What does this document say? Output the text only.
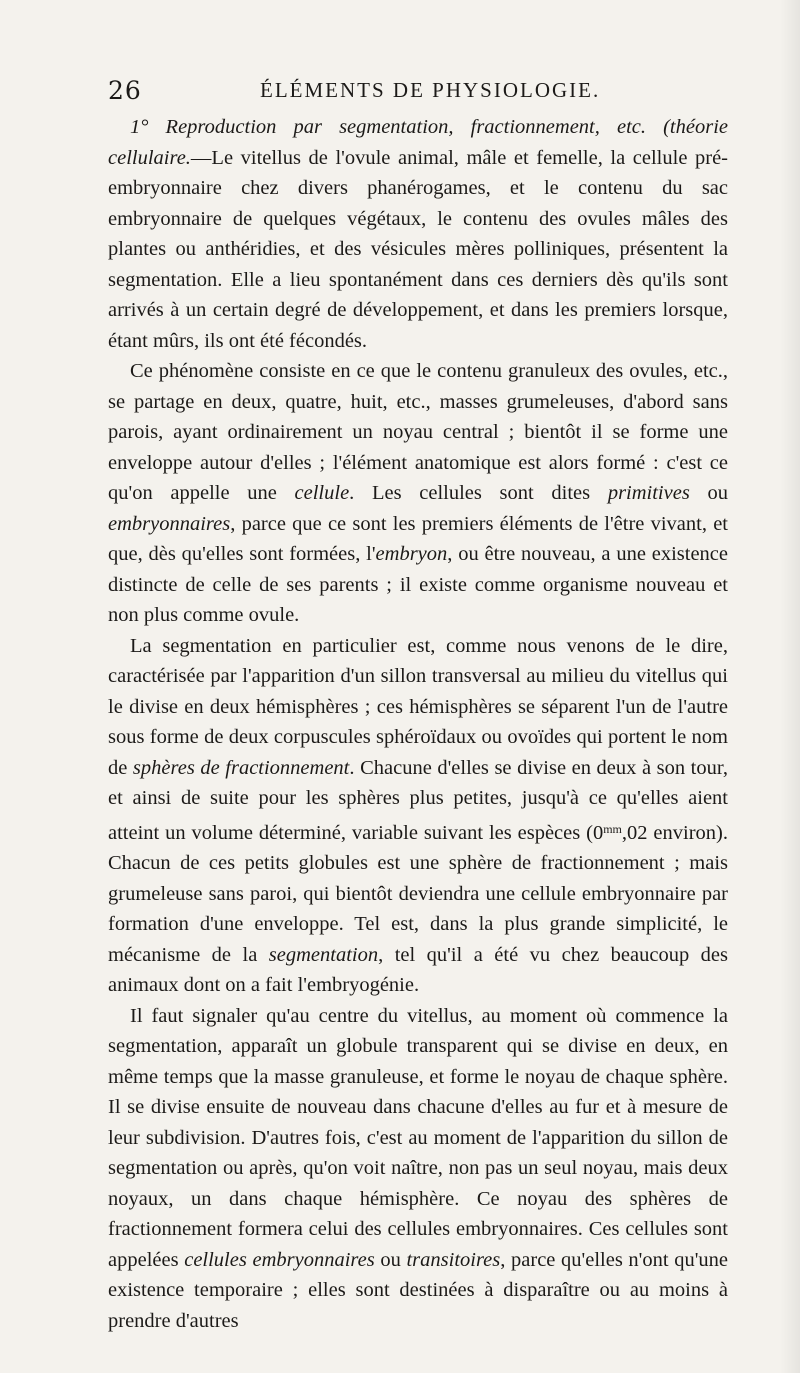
26	ÉLÉMENTS DE PHYSIOLOGIE.

1° Reproduction par segmentation, fractionnement, etc. (théorie cellulaire.—Le vitellus de l'ovule animal, mâle et femelle, la cellule pré-embryonnaire chez divers phanérogames, et le contenu du sac embryonnaire de quelques végétaux, le contenu des ovules mâles des plantes ou anthéridies, et des vésicules mères polliniques, présentent la segmentation. Elle a lieu spontanément dans ces derniers dès qu'ils sont arrivés à un certain degré de développement, et dans les premiers lorsque, étant mûrs, ils ont été fécondés.

Ce phénomène consiste en ce que le contenu granuleux des ovules, etc., se partage en deux, quatre, huit, etc., masses grumeleuses, d'abord sans parois, ayant ordinairement un noyau central ; bientôt il se forme une enveloppe autour d'elles ; l'élément anatomique est alors formé : c'est ce qu'on appelle une cellule. Les cellules sont dites primitives ou embryonnaires, parce que ce sont les premiers éléments de l'être vivant, et que, dès qu'elles sont formées, l'embryon, ou être nouveau, a une existence distincte de celle de ses parents ; il existe comme organisme nouveau et non plus comme ovule.

La segmentation en particulier est, comme nous venons de le dire, caractérisée par l'apparition d'un sillon transversal au milieu du vitellus qui le divise en deux hémisphères ; ces hémisphères se séparent l'un de l'autre sous forme de deux corpuscules sphéroïdaux ou ovoïdes qui portent le nom de sphères de fractionnement. Chacune d'elles se divise en deux à son tour, et ainsi de suite pour les sphères plus petites, jusqu'à ce qu'elles aient atteint un volume déterminé, variable suivant les espèces ($0^{mm},02$ environ). Chacun de ces petits globules est une sphère de fractionnement ; mais grumeleuse sans paroi, qui bientôt deviendra une cellule embryonnaire par formation d'une enveloppe. Tel est, dans la plus grande simplicité, le mécanisme de la segmentation, tel qu'il a été vu chez beaucoup des animaux dont on a fait l'embryogénie.

Il faut signaler qu'au centre du vitellus, au moment où commence la segmentation, apparaît un globule transparent qui se divise en deux, en même temps que la masse granuleuse, et forme le noyau de chaque sphère. Il se divise ensuite de nouveau dans chacune d'elles au fur et à mesure de leur subdivision. D'autres fois, c'est au moment de l'apparition du sillon de segmentation ou après, qu'on voit naître, non pas un seul noyau, mais deux noyaux, un dans chaque hémisphère. Ce noyau des sphères de fractionnement formera celui des cellules embryonnaires. Ces cellules sont appelées cellules embryonnaires ou transitoires, parce qu'elles n'ont qu'une existence temporaire ; elles sont destinées à disparaître ou au moins à prendre d'autres
